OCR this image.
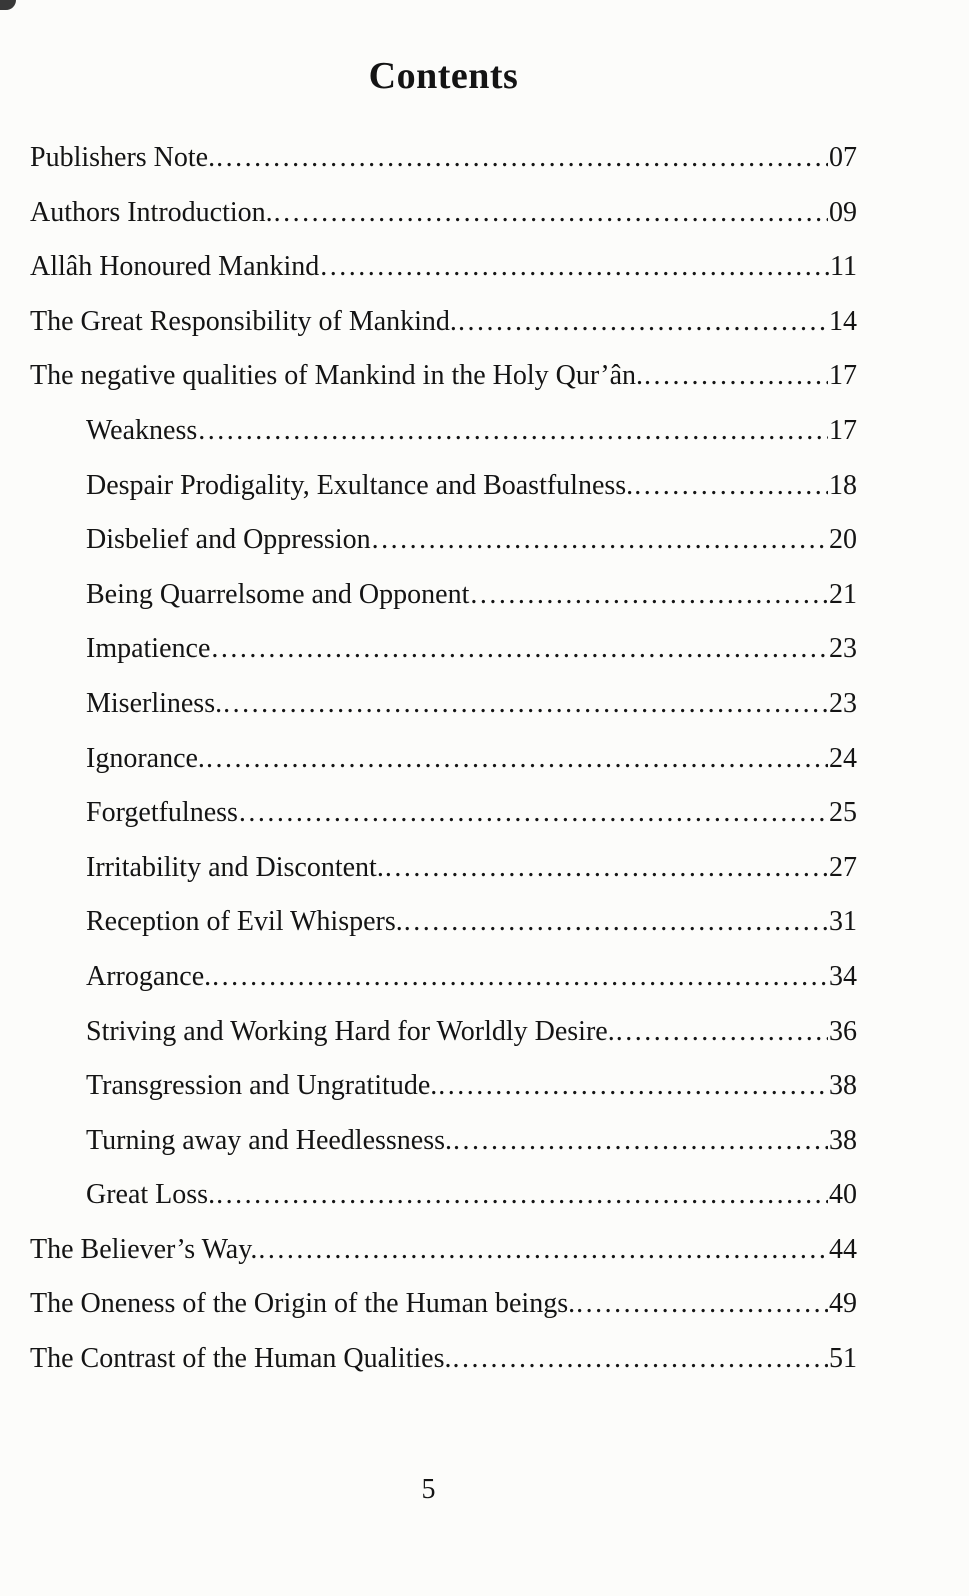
Contents
Publishers Note. .....	07
Authors Introduction. .....	09
Allâh Honoured Mankind .....	11
The Great Responsibility of Mankind. .....	14
The negative qualities of Mankind in the Holy Qur’ân. .....	17
Weakness .....	17
Despair Prodigality, Exultance and Boastfulness. .....	18
Disbelief and Oppression .....	20
Being Quarrelsome and Opponent .....	21
Impatience .....	23
Miserliness. .....	23
Ignorance. .....	24
Forgetfulness .....	25
Irritability and Discontent. .....	27
Reception of Evil Whispers. .....	31
Arrogance. .....	34
Striving and Working Hard for Worldly Desire. .....	36
Transgression and Ungratitude. .....	38
Turning away and Heedlessness. .....	38
Great Loss. .....	40
The Believer’s Way. .....	44
The Oneness of the Origin of the Human beings. .....	49
The Contrast of the Human Qualities. .....	51
5
